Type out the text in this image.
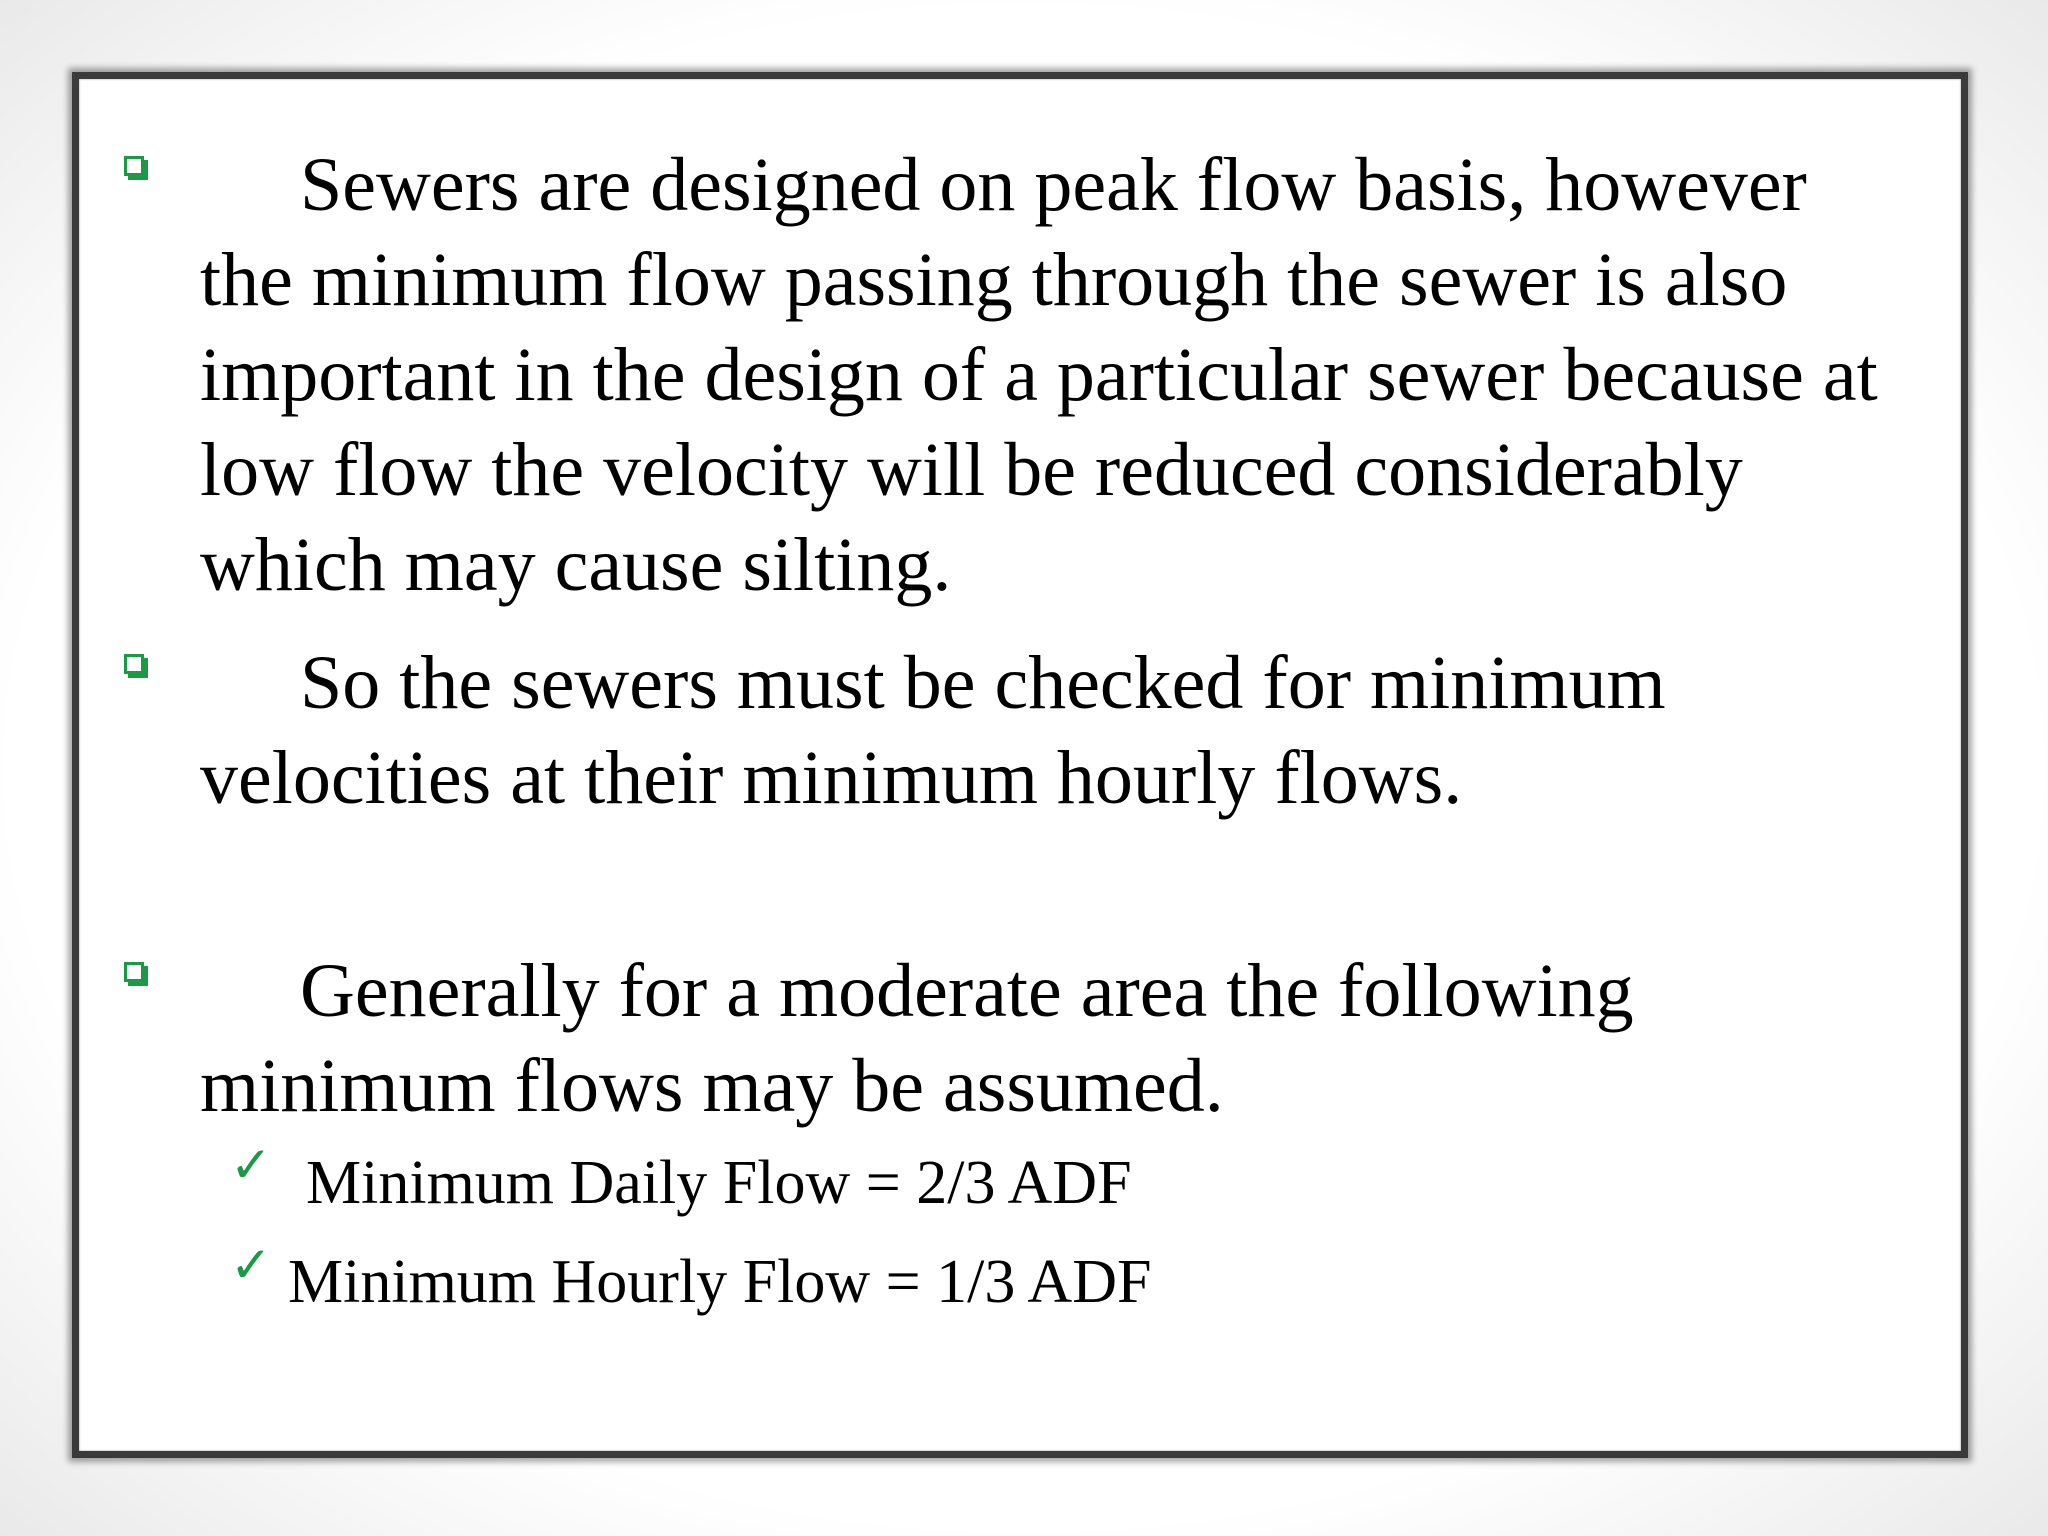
Sewers are designed on peak flow basis, however the minimum flow passing through the sewer is also important in the design of a particular sewer because at low flow the velocity will be reduced considerably which may cause silting.

So the sewers must be checked for minimum velocities at their minimum hourly flows.

Generally for a moderate area the following minimum flows may be assumed.

✓ Minimum Daily Flow = 2/3 ADF
✓ Minimum Hourly Flow = 1/3 ADF
